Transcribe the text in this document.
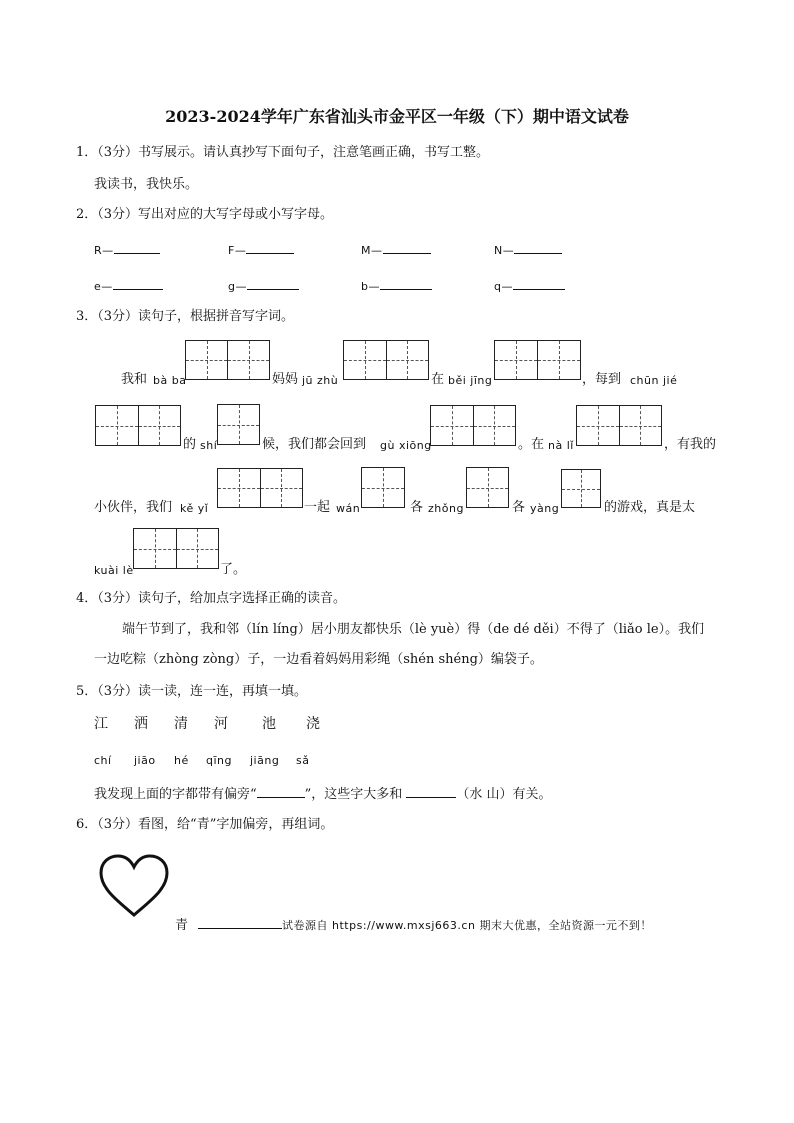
2023-2024学年广东省汕头市金平区一年级（下）期中语文试卷
1．（3分）书写展示。请认真抄写下面句子，注意笔画正确，书写工整。
我读书，我快乐。
2．（3分）写出对应的大写字母或小写字母。
R—	F—	M—	N—
e—	g—	b—	q—
3．（3分）读句子，根据拼音写字词。
我和 bà ba	妈妈 jū zhù	在 běi jīng	，每到 chūn jié
的 shí	候，我们都会回到 gù xiōng	。在 nà lǐ	，有我的
小伙伴，我们 kě yǐ	一起 wán	各 zhǒng	各 yàng	的游戏，真是太
kuài lè	了。
4．（3分）读句子，给加点字选择正确的读音。
端午节到了，我和邻（lín líng）居小朋友都快乐（lè yuè）得（de dé děi）不得了（liǎo le）。我们
一边吃粽（zhòng zòng）子，一边看着妈妈用彩绳（shén shéng）编袋子。
5．（3分）读一读，连一连，再填一填。
江 洒 清 河 池 浇
chí jiāo hé qīng jiāng sǎ
我发现上面的字都带有偏旁“	”，这些字大多和	（水 山）有关。
6．（3分）看图，给“青”字加偏旁，再组词。
青	试卷源自 https://www.mxsj663.cn 期末大优惠，全站资源一元不到！
